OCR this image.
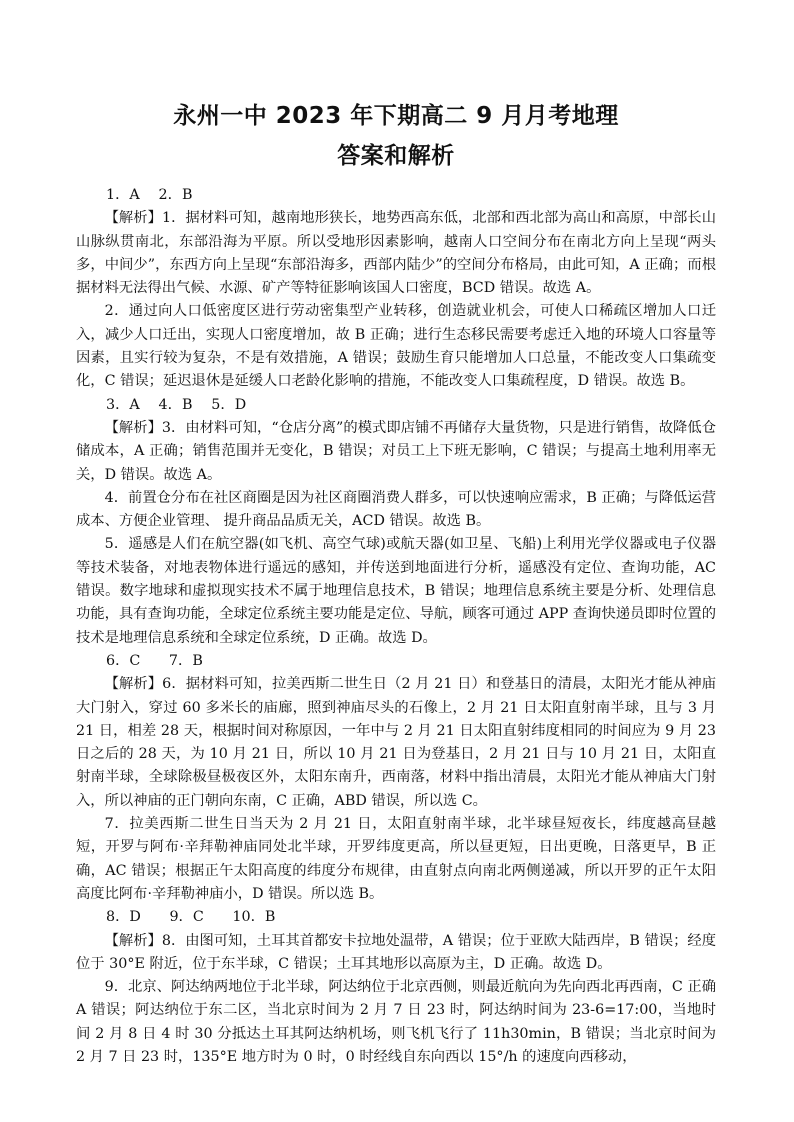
永州一中 2023 年下期高二 9 月月考地理
答案和解析

1．A　 2．B

【解析】1．据材料可知，越南地形狭长，地势西高东低，北部和西北部为高山和高原，中部长山山脉纵贯南北，东部沿海为平原。所以受地形因素影响，越南人口空间分布在南北方向上呈现“两头多，中间少”，东西方向上呈现“东部沿海多，西部内陆少”的空间分布格局，由此可知，A 正确；而根据材料无法得出气候、水源、矿产等特征影响该国人口密度，BCD 错误。故选 A。

2．通过向人口低密度区进行劳动密集型产业转移，创造就业机会，可使人口稀疏区增加人口迁入，减少人口迁出，实现人口密度增加，故 B 正确；进行生态移民需要考虑迁入地的环境人口容量等因素，且实行较为复杂，不是有效措施，A 错误；鼓励生育只能增加人口总量，不能改变人口集疏变化，C 错误；延迟退休是延缓人口老龄化影响的措施，不能改变人口集疏程度，D 错误。故选 B。

3．A　 4．B　 5．D

【解析】3．由材料可知，“仓店分离”的模式即店铺不再储存大量货物，只是进行销售，故降低仓储成本，A 正确；销售范围并无变化，B 错误；对员工上下班无影响，C 错误；与提高土地利用率无关，D 错误。故选 A。

4．前置仓分布在社区商圈是因为社区商圈消费人群多，可以快速响应需求，B 正确；与降低运营成本、方便企业管理、 提升商品品质无关，ACD 错误。故选 B。

5．遥感是人们在航空器(如飞机、高空气球)或航天器(如卫星、飞船)上利用光学仪器或电子仪器等技术装备，对地表物体进行遥远的感知，并传送到地面进行分析，遥感没有定位、查询功能，AC 错误。数字地球和虚拟现实技术不属于地理信息技术，B 错误；地理信息系统主要是分析、处理信息功能，具有查询功能，全球定位系统主要功能是定位、导航，顾客可通过 APP 查询快递员即时位置的技术是地理信息系统和全球定位系统，D 正确。故选 D。

6．C　　7．B

【解析】6．据材料可知，拉美西斯二世生日（2 月 21 日）和登基日的清晨，太阳光才能从神庙大门射入，穿过 60 多米长的庙廊，照到神庙尽头的石像上，2 月 21 日太阳直射南半球，且与 3 月 21 日，相差 28 天，根据时间对称原因，一年中与 2 月 21 日太阳直射纬度相同的时间应为 9 月 23 日之后的 28 天，为 10 月 21 日，所以 10 月 21 日为登基日，2 月 21 日与 10 月 21 日，太阳直射南半球，全球除极昼极夜区外，太阳东南升，西南落，材料中指出清晨，太阳光才能从神庙大门射入，所以神庙的正门朝向东南，C 正确，ABD 错误，所以选 C。

7．拉美西斯二世生日当天为 2 月 21 日，太阳直射南半球，北半球昼短夜长，纬度越高昼越短，开罗与阿布·辛拜勒神庙同处北半球，开罗纬度更高，所以昼更短，日出更晚，日落更早，B 正确，AC 错误；根据正午太阳高度的纬度分布规律，由直射点向南北两侧递减，所以开罗的正午太阳高度比阿布·辛拜勒神庙小，D 错误。所以选 B。

8．D　　9．C　　10．B

【解析】8．由图可知，土耳其首都安卡拉地处温带，A 错误；位于亚欧大陆西岸，B 错误；经度位于 30°E 附近，位于东半球，C 错误；土耳其地形以高原为主，D 正确。故选 D。

9．北京、阿达纳两地位于北半球，阿达纳位于北京西侧，则最近航向为先向西北再西南，C 正确 A 错误；阿达纳位于东二区，当北京时间为 2 月 7 日 23 时，阿达纳时间为 23-6=17:00，当地时间 2 月 8 日 4 时 30 分抵达土耳其阿达纳机场，则飞机飞行了 11h30min，B 错误；当北京时间为 2 月 7 日 23 时，135°E 地方时为 0 时，0 时经线自东向西以 15°/h 的速度向西移动，
